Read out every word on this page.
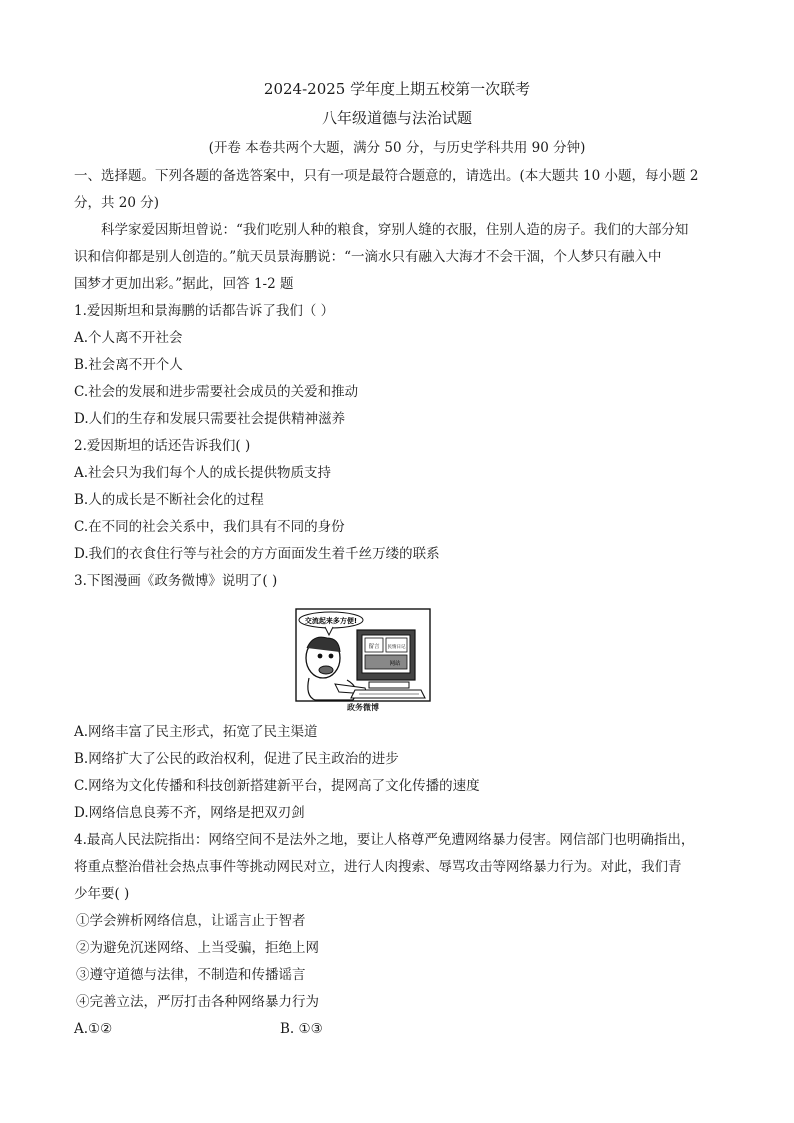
2024-2025 学年度上期五校第一次联考
八年级道德与法治试题
(开卷 本卷共两个大题，满分 50 分，与历史学科共用 90 分钟)
一、选择题。下列各题的备选答案中，只有一项是最符合题意的，请选出。(本大题共 10 小题，每小题 2
分，共 20 分)
科学家爱因斯坦曾说：“我们吃别人种的粮食，穿别人缝的衣服，住别人造的房子。我们的大部分知
识和信仰都是别人创造的。”航天员景海鹏说：“一滴水只有融入大海才不会干涸，个人梦只有融入中
国梦才更加出彩。”据此，回答 1-2 题
1.爱因斯坦和景海鹏的话都告诉了我们（ ）
A.个人离不开社会
B.社会离不开个人
C.社会的发展和进步需要社会成员的关爱和推动
D.人们的生存和发展只需要社会提供精神滋养
2.爱因斯坦的话还告诉我们( )
A.社会只为我们每个人的成长提供物质支持
B.人的成长是不断社会化的过程
C.在不同的社会关系中，我们具有不同的身份
D.我们的衣食住行等与社会的方方面面发生着千丝万缕的联系
3.下图漫画《政务微博》说明了( )
交流起来多方便!
留言 民情日记
网站
政务微博
A.网络丰富了民主形式，拓宽了民主渠道
B.网络扩大了公民的政治权利，促进了民主政治的进步
C.网络为文化传播和科技创新搭建新平台，提网高了文化传播的速度
D.网络信息良莠不齐，网络是把双刃剑
4.最高人民法院指出：网络空间不是法外之地，要让人格尊严免遭网络暴力侵害。网信部门也明确指出，
将重点整治借社会热点事件等挑动网民对立，进行人肉搜索、辱骂攻击等网络暴力行为。对此，我们青
少年要( )
①学会辨析网络信息，让谣言止于智者
②为避免沉迷网络、上当受骗，拒绝上网
③遵守道德与法律，不制造和传播谣言
④完善立法，严厉打击各种网络暴力行为
A.①②	B. ①③
